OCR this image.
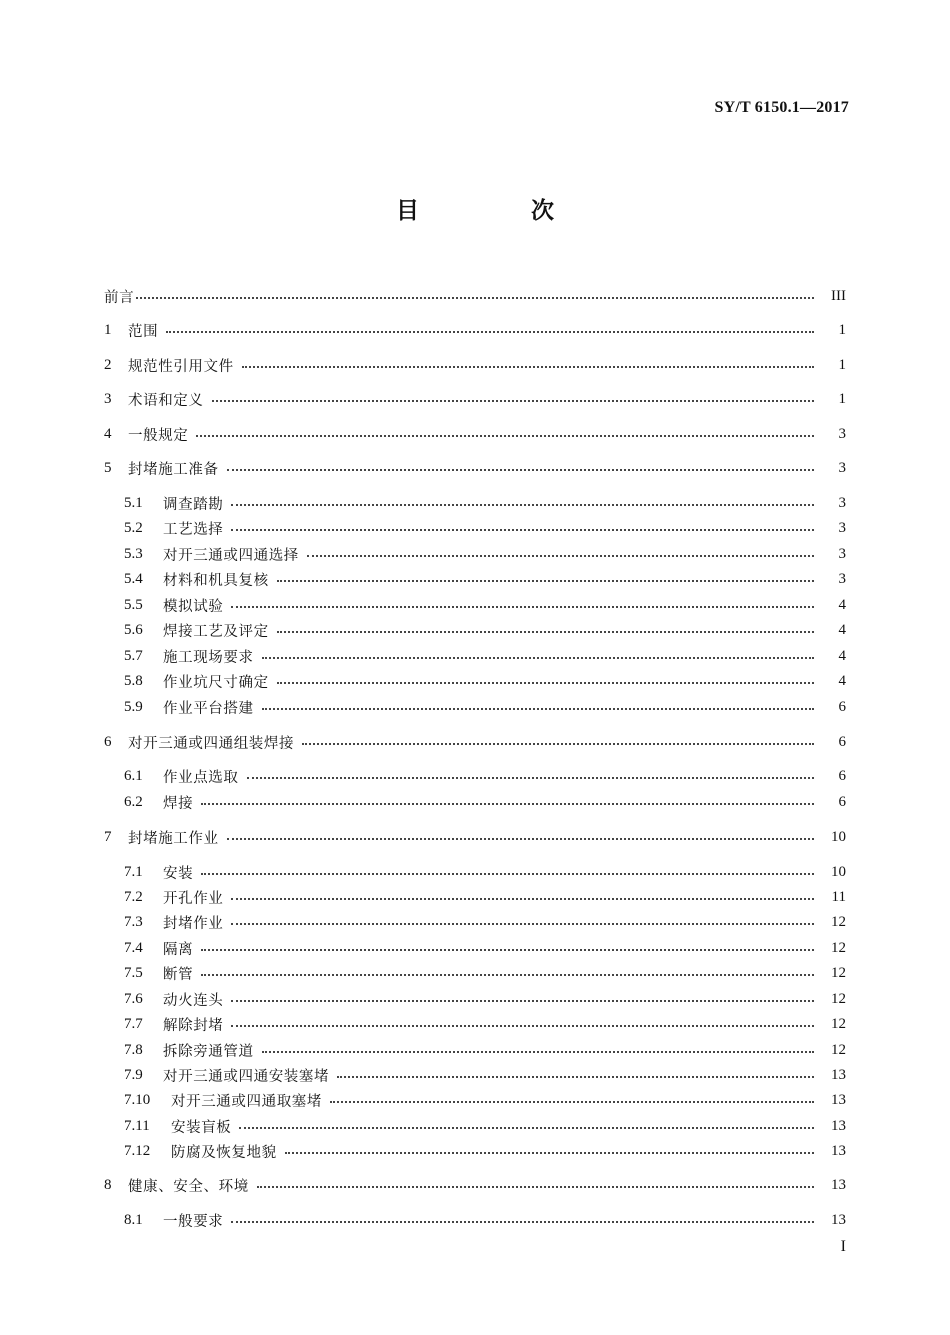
SY/T 6150.1—2017
目 次
前言	III
1	范围	1
2	规范性引用文件	1
3	术语和定义	1
4	一般规定	3
5	封堵施工准备	3
5.1	调查踏勘	3
5.2	工艺选择	3
5.3	对开三通或四通选择	3
5.4	材料和机具复核	3
5.5	模拟试验	4
5.6	焊接工艺及评定	4
5.7	施工现场要求	4
5.8	作业坑尺寸确定	4
5.9	作业平台搭建	6
6	对开三通或四通组装焊接	6
6.1	作业点选取	6
6.2	焊接	6
7	封堵施工作业	10
7.1	安装	10
7.2	开孔作业	11
7.3	封堵作业	12
7.4	隔离	12
7.5	断管	12
7.6	动火连头	12
7.7	解除封堵	12
7.8	拆除旁通管道	12
7.9	对开三通或四通安装塞堵	13
7.10	对开三通或四通取塞堵	13
7.11	安装盲板	13
7.12	防腐及恢复地貌	13
8	健康、安全、环境	13
8.1	一般要求	13
I
